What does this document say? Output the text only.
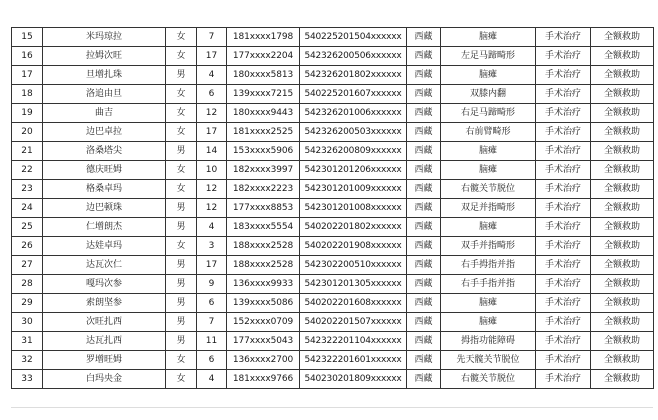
15	米玛琼拉	女	7	181xxxx1798	540225201504xxxxxx	西藏	脑瘫	手术治疗	全额救助
16	拉姆次旺	女	17	177xxxx2204	542326200506xxxxxx	西藏	左足马蹄畸形	手术治疗	全额救助
17	旦增扎珠	男	4	180xxxx5813	542326201802xxxxxx	西藏	脑瘫	手术治疗	全额救助
18	洛追由旦	女	6	139xxxx7215	540225201607xxxxxx	西藏	双膝内翻	手术治疗	全额救助
19	曲吉	女	12	180xxxx9443	542326201006xxxxxx	西藏	右足马蹄畸形	手术治疗	全额救助
20	边巴卓拉	女	17	181xxxx2525	542326200503xxxxxx	西藏	右前臂畸形	手术治疗	全额救助
21	洛桑塔尖	男	14	153xxxx5906	542326200809xxxxxx	西藏	脑瘫	手术治疗	全额救助
22	德庆旺姆	女	10	182xxxx3997	542301201206xxxxxx	西藏	脑瘫	手术治疗	全额救助
23	格桑卓玛	女	12	182xxxx2223	542301201009xxxxxx	西藏	右髋关节脱位	手术治疗	全额救助
24	边巴顿珠	男	12	177xxxx8853	542301201008xxxxxx	西藏	双足并指畸形	手术治疗	全额救助
25	仁增朗杰	男	4	183xxxx5554	540202201802xxxxxx	西藏	脑瘫	手术治疗	全额救助
26	达娃卓玛	女	3	188xxxx2528	540202201908xxxxxx	西藏	双手并指畸形	手术治疗	全额救助
27	达瓦次仁	男	17	188xxxx2528	542302200510xxxxxx	西藏	右手拇指并指	手术治疗	全额救助
28	嘎玛次参	男	9	136xxxx9933	542301201305xxxxxx	西藏	右手手指并指	手术治疗	全额救助
29	索朗坚参	男	6	139xxxx5086	540202201608xxxxxx	西藏	脑瘫	手术治疗	全额救助
30	次旺扎西	男	7	152xxxx0709	540202201507xxxxxx	西藏	脑瘫	手术治疗	全额救助
31	达瓦扎西	男	11	177xxxx5043	542322201104xxxxxx	西藏	拇指功能障碍	手术治疗	全额救助
32	罗增旺姆	女	6	136xxxx2700	542322201601xxxxxx	西藏	先天髋关节脱位	手术治疗	全额救助
33	白玛央金	女	4	181xxxx9766	540230201809xxxxxx	西藏	右髋关节脱位	手术治疗	全额救助
